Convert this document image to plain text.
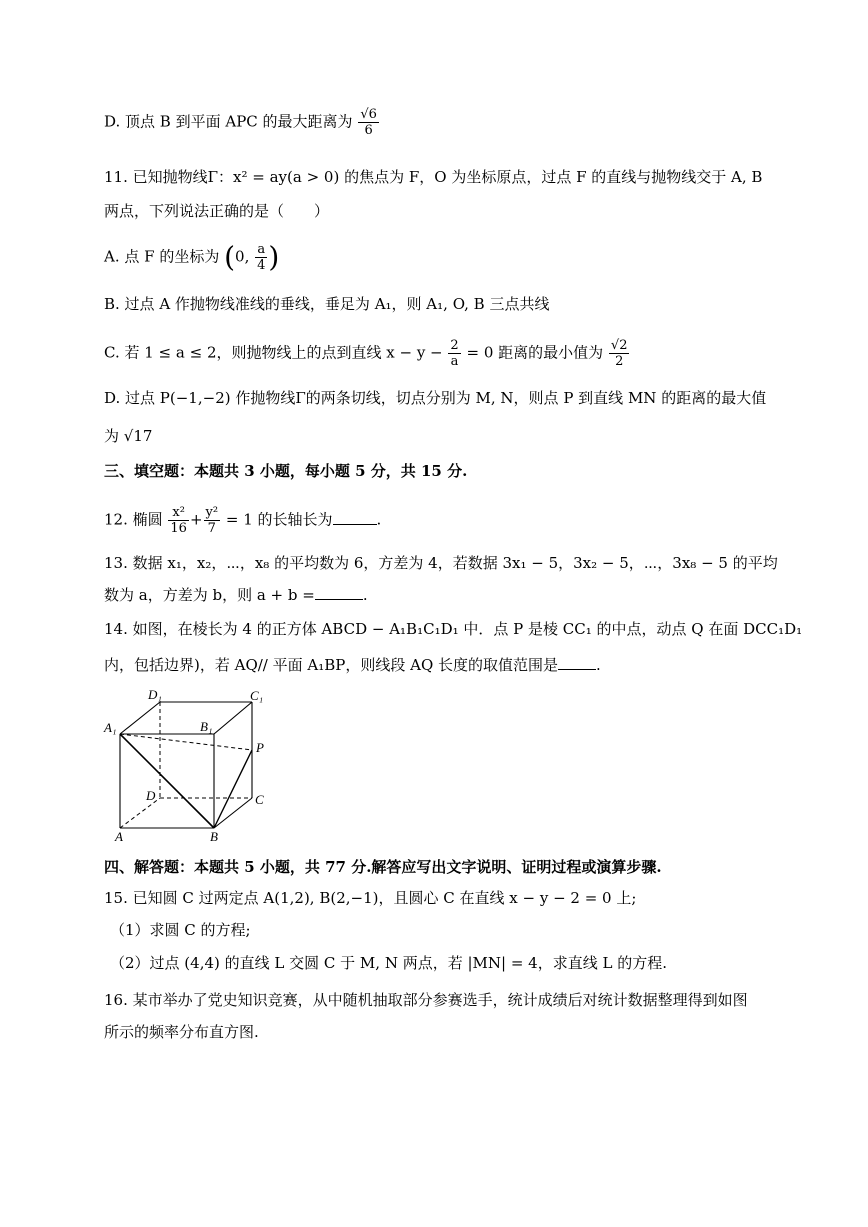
D. 顶点 B 到平面 APC 的最大距离为 $\frac{√6}{6}$
11. 已知抛物线Γ：x² = ay(a > 0) 的焦点为 F，O 为坐标原点，过点 F 的直线与抛物线交于 A, B
两点，下列说法正确的是（　　）
A. 点 F 的坐标为 (0, $\frac{a}{4}$ )
B. 过点 A 作抛物线准线的垂线，垂足为 A₁，则 A₁, O, B 三点共线
C. 若 1 ≤ a ≤ 2，则抛物线上的点到直线 $x - y - \frac{2}{a} = 0$ 距离的最小值为 $\frac{√2}{2}$
D. 过点 P(−1,−2) 作抛物线Γ的两条切线，切点分别为 M, N，则点 P 到直线 MN 的距离的最大值
为 √17
三、填空题：本题共 3 小题，每小题 5 分，共 15 分.
12. 椭圆 $\frac{\text{x²}}{16} + \frac{\text{y²}}{7} = 1$ 的长轴长为	.
13. 数据 x₁，x₂，⋯，x₈ 的平均数为 6，方差为 4，若数据 3x₁ − 5，3x₂ − 5，⋯，3x₈ − 5 的平均
数为 a，方差为 b，则 a + b =	.
14. 如图，在棱长为 4 的正方体 ABCD − A₁B₁C₁D₁ 中．点 P 是棱 CC₁ 的中点，动点 Q 在面 DCC₁D₁
内，包括边界)，若 AQ// 平面 A₁BP，则线段 AQ 长度的取值范围是	.
D₁	C₁
A₁	B₁
P
D	C
A	B
四、解答题：本题共 5 小题，共 77 分.解答应写出文字说明、证明过程或演算步骤.
15. 已知圆 C 过两定点 A(1,2), B(2,−1)，且圆心 C 在直线 x − y − 2 = 0 上;
（1）求圆 C 的方程;
（2）过点 (4,4) 的直线 L 交圆 C 于 M, N 两点，若 |MN| = 4，求直线 L 的方程.
16. 某市举办了党史知识竞赛，从中随机抽取部分参赛选手，统计成绩后对统计数据整理得到如图
所示的频率分布直方图.
